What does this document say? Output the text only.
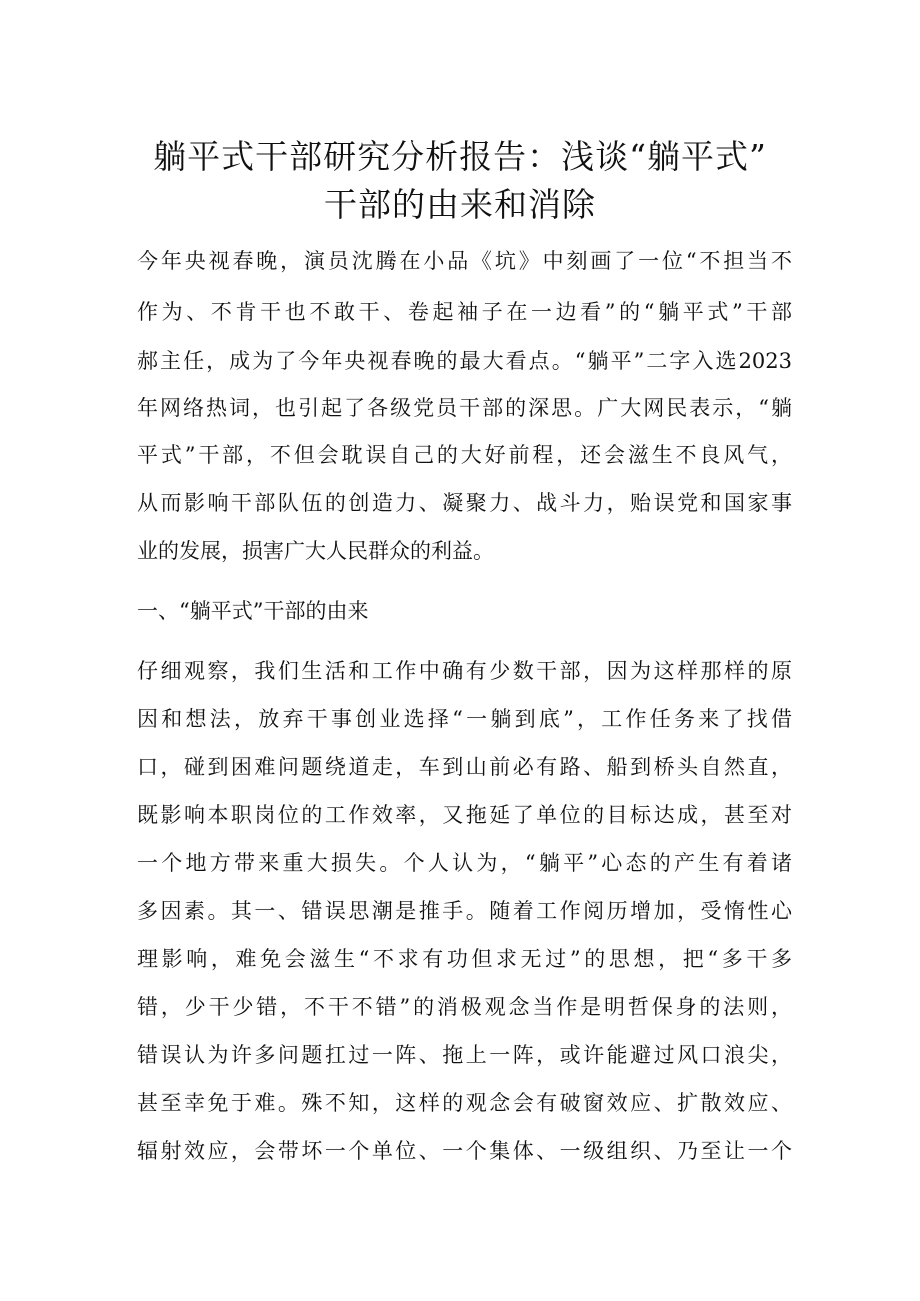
躺平式干部研究分析报告：浅谈“躺平式”
干部的由来和消除
今年央视春晚，演员沈腾在小品《坑》中刻画了一位“不担当不
作为、不肯干也不敢干、卷起袖子在一边看”的“躺平式”干部
郝主任，成为了今年央视春晚的最大看点。“躺平”二字入选2023
年网络热词，也引起了各级党员干部的深思。广大网民表示，“躺
平式”干部，不但会耽误自己的大好前程，还会滋生不良风气，
从而影响干部队伍的创造力、凝聚力、战斗力，贻误党和国家事
业的发展，损害广大人民群众的利益。
一、“躺平式”干部的由来
仔细观察，我们生活和工作中确有少数干部，因为这样那样的原
因和想法，放弃干事创业选择“一躺到底”，工作任务来了找借
口，碰到困难问题绕道走，车到山前必有路、船到桥头自然直，
既影响本职岗位的工作效率，又拖延了单位的目标达成，甚至对
一个地方带来重大损失。个人认为，“躺平”心态的产生有着诸
多因素。其一、错误思潮是推手。随着工作阅历增加，受惰性心
理影响，难免会滋生“不求有功但求无过”的思想，把“多干多
错，少干少错，不干不错”的消极观念当作是明哲保身的法则，
错误认为许多问题扛过一阵、拖上一阵，或许能避过风口浪尖，
甚至幸免于难。殊不知，这样的观念会有破窗效应、扩散效应、
辐射效应，会带坏一个单位、一个集体、一级组织、乃至让一个
